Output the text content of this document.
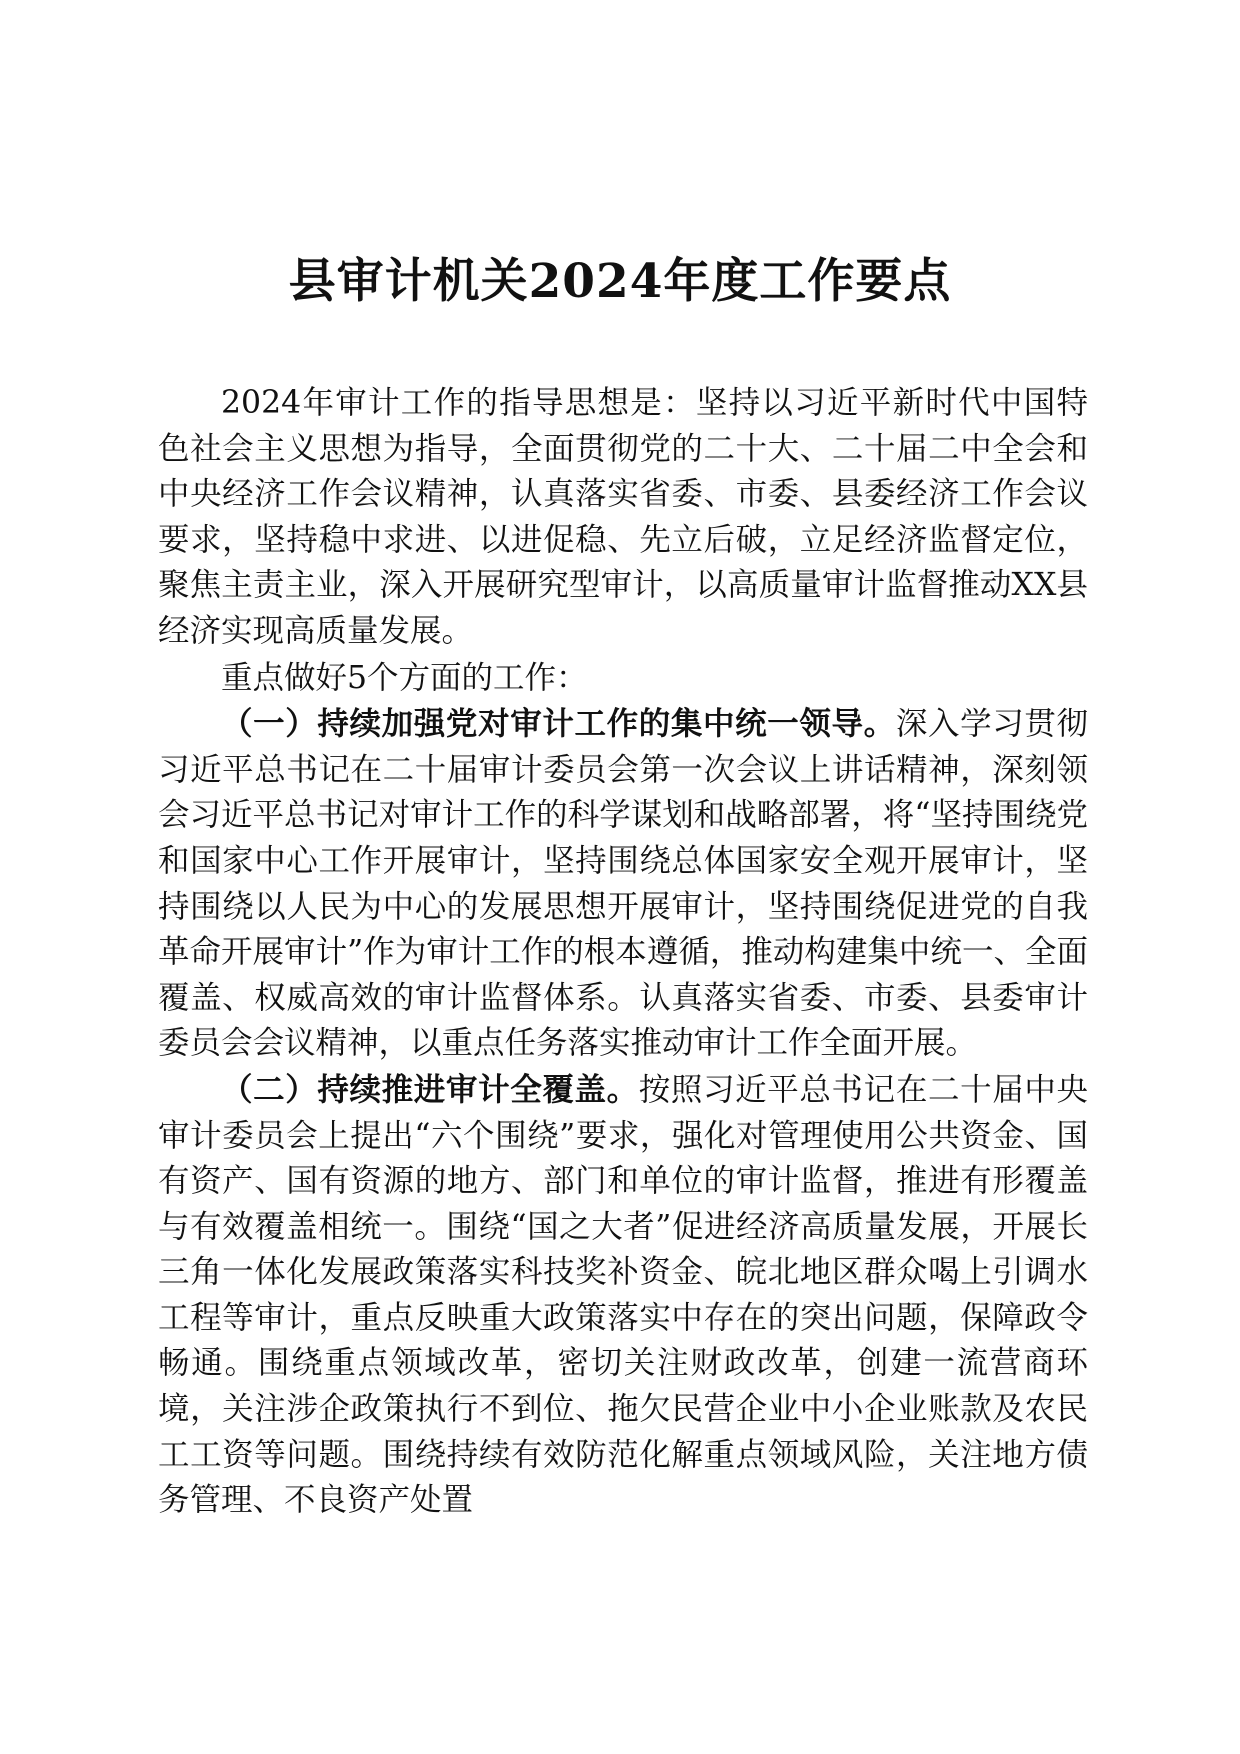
县审计机关2024年度工作要点

2024年审计工作的指导思想是：坚持以习近平新时代中国特色社会主义思想为指导，全面贯彻党的二十大、二十届二中全会和中央经济工作会议精神，认真落实省委、市委、县委经济工作会议要求，坚持稳中求进、以进促稳、先立后破，立足经济监督定位，聚焦主责主业，深入开展研究型审计，以高质量审计监督推动XX县经济实现高质量发展。

重点做好5个方面的工作：

（一）持续加强党对审计工作的集中统一领导。深入学习贯彻习近平总书记在二十届审计委员会第一次会议上讲话精神，深刻领会习近平总书记对审计工作的科学谋划和战略部署，将“坚持围绕党和国家中心工作开展审计，坚持围绕总体国家安全观开展审计，坚持围绕以人民为中心的发展思想开展审计，坚持围绕促进党的自我革命开展审计”作为审计工作的根本遵循，推动构建集中统一、全面覆盖、权威高效的审计监督体系。认真落实省委、市委、县委审计委员会会议精神，以重点任务落实推动审计工作全面开展。

（二）持续推进审计全覆盖。按照习近平总书记在二十届中央审计委员会上提出“六个围绕”要求，强化对管理使用公共资金、国有资产、国有资源的地方、部门和单位的审计监督，推进有形覆盖与有效覆盖相统一。围绕“国之大者”促进经济高质量发展，开展长三角一体化发展政策落实科技奖补资金、皖北地区群众喝上引调水工程等审计，重点反映重大政策落实中存在的突出问题，保障政令畅通。围绕重点领域改革，密切关注财政改革，创建一流营商环境，关注涉企政策执行不到位、拖欠民营企业中小企业账款及农民工工资等问题。围绕持续有效防范化解重点领域风险，关注地方债务管理、不良资产处置
